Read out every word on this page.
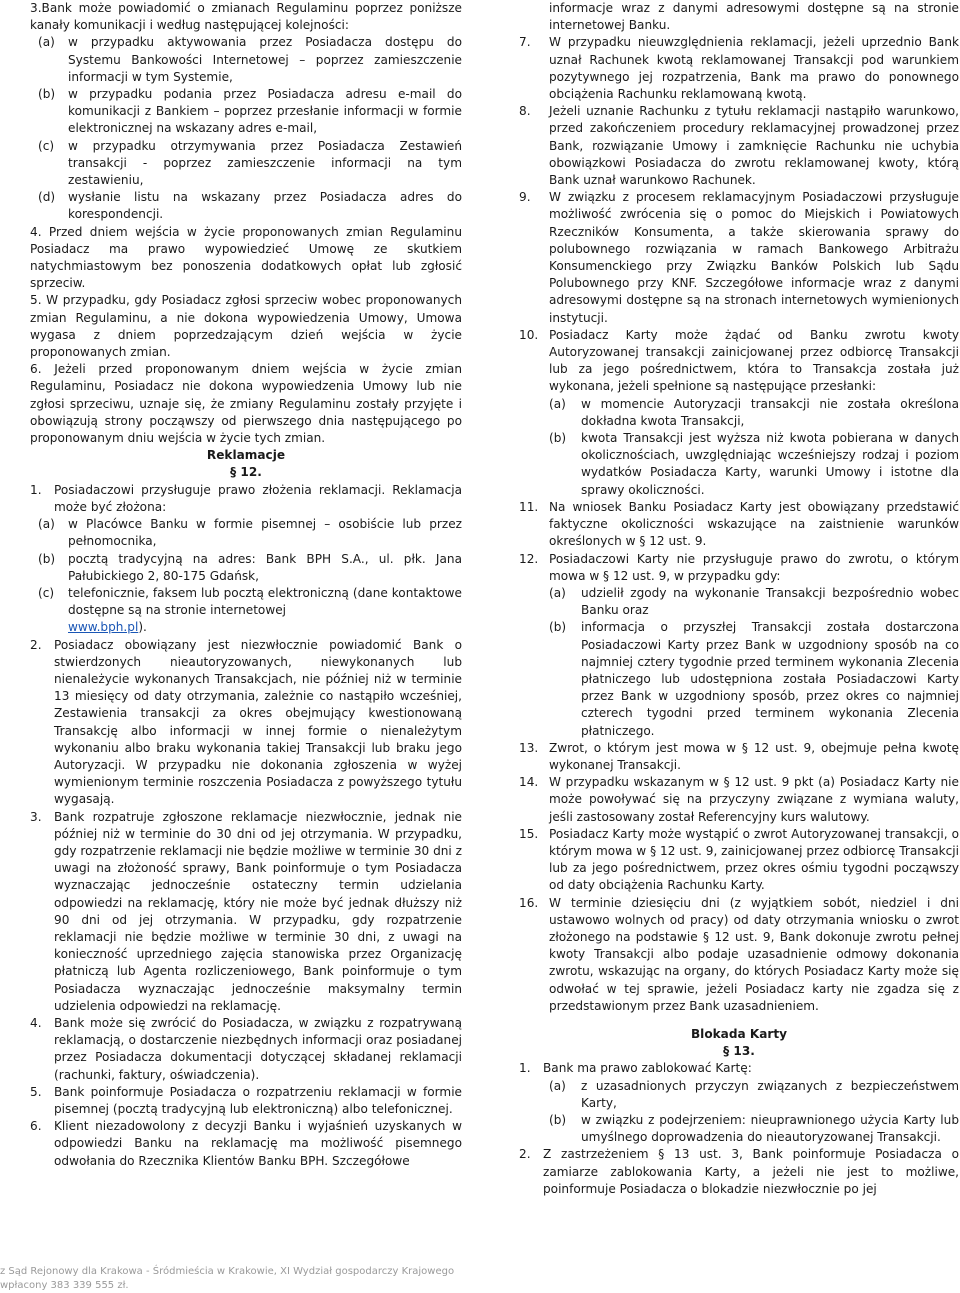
3.Bank może powiadomić o zmianach Regulaminu poprzez poniższe kanały komunikacji i według następującej kolejności:

(a)	w przypadku aktywowania przez Posiadacza dostępu do Systemu Bankowości Internetowej – poprzez zamieszczenie informacji w tym Systemie,
(b)	w przypadku podania przez Posiadacza adresu e-mail do komunikacji z Bankiem – poprzez przesłanie informacji w formie elektronicznej na wskazany adres e-mail,
(c)	w przypadku otrzymywania przez Posiadacza Zestawień transakcji - poprzez zamieszczenie informacji na tym zestawieniu,
(d)	wysłanie listu na wskazany przez Posiadacza adres do korespondencji.

4. Przed dniem wejścia w życie proponowanych zmian Regulaminu Posiadacz ma prawo wypowiedzieć Umowę ze skutkiem natychmiastowym bez ponoszenia dodatkowych opłat lub zgłosić sprzeciw.

5. W przypadku, gdy Posiadacz zgłosi sprzeciw wobec proponowanych zmian Regulaminu, a nie dokona wypowiedzenia Umowy, Umowa wygasa z dniem poprzedzającym dzień wejścia w życie proponowanych zmian.

6. Jeżeli przed proponowanym dniem wejścia w życie zmian Regulaminu, Posiadacz nie dokona wypowiedzenia Umowy lub nie zgłosi sprzeciwu, uznaje się, że zmiany Regulaminu zostały przyjęte i obowiązują strony począwszy od pierwszego dnia następującego po proponowanym dniu wejścia w życie tych zmian.

Reklamacje
§ 12.
1.	Posiadaczowi przysługuje prawo złożenia reklamacji. Reklamacja może być złożona:
(a)	w Placówce Banku w formie pisemnej – osobiście lub przez pełnomocnika,
(b)	pocztą tradycyjną na adres: Bank BPH S.A., ul. płk. Jana Pałubickiego 2, 80-175 Gdańsk,
(c)	telefonicznie, faksem lub pocztą elektroniczną (dane kontaktowe dostępne są na stronie internetowej
www.bph.pl).
2.	Posiadacz obowiązany jest niezwłocznie powiadomić Bank o stwierdzonych nieautoryzowanych, niewykonanych lub nienależycie wykonanych Transakcjach, nie później niż w terminie 13 miesięcy od daty otrzymania, zależnie co nastąpiło wcześniej, Zestawienia transakcji za okres obejmujący kwestionowaną Transakcję albo informacji w innej formie o nienależytym wykonaniu albo braku wykonania takiej Transakcji lub braku jego Autoryzacji. W przypadku nie dokonania zgłoszenia w wyżej wymienionym terminie roszczenia Posiadacza z powyższego tytułu wygasają.
3.	Bank rozpatruje zgłoszone reklamacje niezwłocznie, jednak nie później niż w terminie do 30 dni od jej otrzymania. W przypadku, gdy rozpatrzenie reklamacji nie będzie możliwe w terminie 30 dni z uwagi na złożoność sprawy, Bank poinformuje o tym Posiadacza wyznaczając jednocześnie ostateczny termin udzielania odpowiedzi na reklamację, który nie może być jednak dłuższy niż 90 dni od jej otrzymania. W przypadku, gdy rozpatrzenie reklamacji nie będzie możliwe w terminie 30 dni, z uwagi na konieczność uprzedniego zajęcia stanowiska przez Organizację płatniczą lub Agenta rozliczeniowego, Bank poinformuje o tym Posiadacza wyznaczając jednocześnie maksymalny termin udzielenia odpowiedzi na reklamację.
4.	Bank może się zwrócić do Posiadacza, w związku z rozpatrywaną reklamacją, o dostarczenie niezbędnych informacji oraz posiadanej przez Posiadacza dokumentacji dotyczącej składanej reklamacji (rachunki, faktury, oświadczenia).
5.	Bank poinformuje Posiadacza o rozpatrzeniu reklamacji w formie pisemnej (pocztą tradycyjną lub elektroniczną) albo telefonicznej.
6.	Klient niezadowolony z decyzji Banku i wyjaśnień uzyskanych w odpowiedzi Banku na reklamację ma możliwość pisemnego odwołania do Rzecznika Klientów Banku BPH. Szczegółowe
informacje wraz z danymi adresowymi dostępne są na stronie internetowej Banku.
7.	W przypadku nieuwzględnienia reklamacji, jeżeli uprzednio Bank uznał Rachunek kwotą reklamowanej Transakcji pod warunkiem pozytywnego jej rozpatrzenia, Bank ma prawo do ponownego obciążenia Rachunku reklamowaną kwotą.
8.	Jeżeli uznanie Rachunku z tytułu reklamacji nastąpiło warunkowo, przed zakończeniem procedury reklamacyjnej prowadzonej przez Bank, rozwiązanie Umowy i zamknięcie Rachunku nie uchybia obowiązkowi Posiadacza do zwrotu reklamowanej kwoty, którą Bank uznał warunkowo Rachunek.
9.	W związku z procesem reklamacyjnym Posiadaczowi przysługuje możliwość zwrócenia się o pomoc do Miejskich i Powiatowych Rzeczników Konsumenta, a także skierowania sprawy do polubownego rozwiązania w ramach Bankowego Arbitrażu Konsumenckiego przy Związku Banków Polskich lub Sądu Polubownego przy KNF. Szczegółowe informacje wraz z danymi adresowymi dostępne są na stronach internetowych wymienionych instytucji.
10. Posiadacz Karty może żądać od Banku zwrotu kwoty Autoryzowanej transakcji zainicjowanej przez odbiorcę Transakcji lub za jego pośrednictwem, która to Transakcja została już wykonana, jeżeli spełnione są następujące przesłanki:
(a)	w momencie Autoryzacji transakcji nie została określona dokładna kwota Transakcji,
(b)	kwota Transakcji jest wyższa niż kwota pobierana w danych okolicznościach, uwzględniając wcześniejszy rodzaj i poziom wydatków Posiadacza Karty, warunki Umowy i istotne dla sprawy okoliczności.
11. Na wniosek Banku Posiadacz Karty jest obowiązany przedstawić faktyczne okoliczności wskazujące na zaistnienie warunków określonych w § 12 ust. 9.
12. Posiadaczowi Karty nie przysługuje prawo do zwrotu, o którym mowa w § 12 ust. 9, w przypadku gdy:
(a)	udzielił zgody na wykonanie Transakcji bezpośrednio wobec Banku oraz
(b)	informacja o przyszłej Transakcji została dostarczona Posiadaczowi Karty przez Bank w uzgodniony sposób na co najmniej cztery tygodnie przed terminem wykonania Zlecenia płatniczego lub udostępniona została Posiadaczowi Karty przez Bank w uzgodniony sposób, przez okres co najmniej czterech tygodni przed terminem wykonania Zlecenia płatniczego.
13. Zwrot, o którym jest mowa w § 12 ust. 9, obejmuje pełna kwotę wykonanej Transakcji.
14. W przypadku wskazanym w § 12 ust. 9 pkt (a) Posiadacz Karty nie może powoływać się na przyczyny związane z wymiana waluty, jeśli zastosowany został Referencyjny kurs walutowy.
15. Posiadacz Karty może wystąpić o zwrot Autoryzowanej transakcji, o którym mowa w § 12 ust. 9, zainicjowanej przez odbiorcę Transakcji lub za jego pośrednictwem, przez okres ośmiu tygodni począwszy od daty obciążenia Rachunku Karty.
16. W terminie dziesięciu dni (z wyjątkiem sobót, niedziel i dni ustawowo wolnych od pracy) od daty otrzymania wniosku o zwrot złożonego na podstawie § 12 ust. 9, Bank dokonuje zwrotu pełnej kwoty Transakcji albo podaje uzasadnienie odmowy dokonania zwrotu, wskazując na organy, do których Posiadacz Karty może się odwołać w tej sprawie, jeżeli Posiadacz karty nie zgadza się z przedstawionym przez Bank uzasadnieniem.
Blokada Karty
§ 13.
1.	Bank ma prawo zablokować Kartę:
(a)	z uzasadnionych przyczyn związanych z bezpieczeństwem Karty,
(b)	w związku z podejrzeniem: nieuprawnionego użycia Karty lub umyślnego doprowadzenia do nieautoryzowanej Transakcji.
2.	Z zastrzeżeniem § 13 ust. 3, Bank poinformuje Posiadacza o zamiarze zablokowania Karty, a jeżeli nie jest to możliwe, poinformuje Posiadacza o blokadzie niezwłocznie po jej
z Sąd Rejonowy dla Krakowa - Śródmieścia w Krakowie, XI Wydział gospodarczy Krajowego
wpłacony 383 339 555 zł.
